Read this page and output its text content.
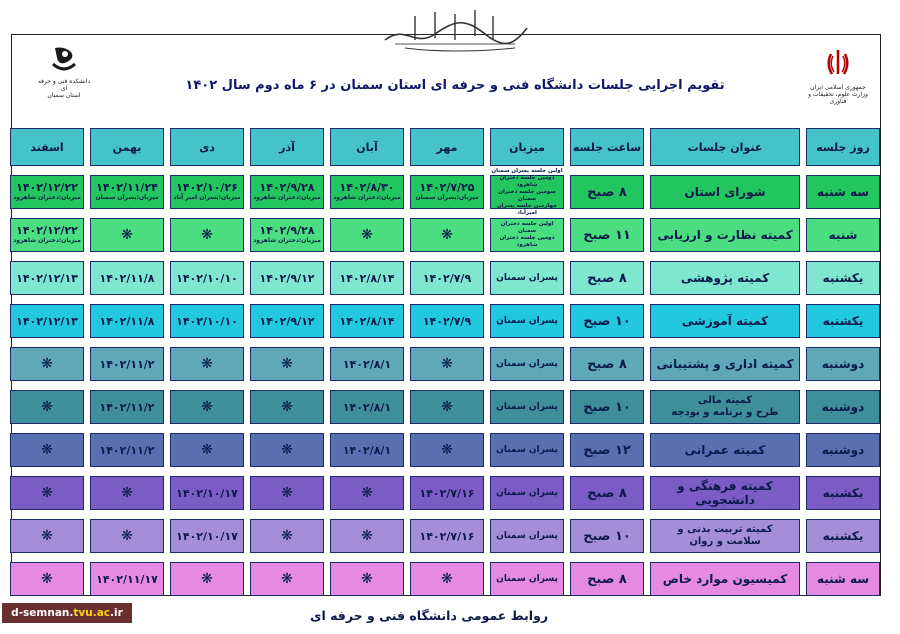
دانشکده فنی و حرفه ای
استان سمنان
جمهوری اسلامی ایران
وزارت علوم، تحقیقات و فناوری
تقویم اجرایی جلسات دانشگاه فنی و حرفه ای استان سمنان در ۶ ماه دوم سال ۱۴۰۲
روز جلسه
عنوان جلسات
ساعت جلسه
میزبان
مهر
آبان
آذر
دی
بهمن
اسفند
سه شنبه
شورای استان
۸ صبح
اولین جلسه پسران سمنان
دومین جلسه دختران شاهرود
سومین جلسه دختران سمنان
چهارمین جلسه پسران امیرآباد
۱۴۰۲/۷/۲۵
میزبان:پسران سمنان
۱۴۰۲/۸/۳۰
میزبان:دختران شاهرود
۱۴۰۲/۹/۲۸
میزبان:دختران شاهرود
۱۴۰۲/۱۰/۲۶
میزبان:پسران امیر آباد
۱۴۰۲/۱۱/۲۴
میزبان:پسران سمنان
۱۴۰۲/۱۲/۲۲
میزبان:دختران شاهرود
شنبه
کمیته نظارت و ارزیابی
۱۱ صبح
اولین جلسه دختران سمنان
دومین جلسه دختران شاهرود
❋
❋
۱۴۰۲/۹/۲۸
میزبان:دختران شاهرود
❋
❋
۱۴۰۲/۱۲/۲۲
میزبان:دختران شاهرود
یکشنبه
کمیته پژوهشی
۸ صبح
پسران سمنان
۱۴۰۲/۷/۹
۱۴۰۲/۸/۱۴
۱۴۰۲/۹/۱۲
۱۴۰۲/۱۰/۱۰
۱۴۰۲/۱۱/۸
۱۴۰۲/۱۲/۱۳
یکشنبه
کمیته آموزشی
۱۰ صبح
پسران سمنان
۱۴۰۲/۷/۹
۱۴۰۲/۸/۱۴
۱۴۰۲/۹/۱۲
۱۴۰۲/۱۰/۱۰
۱۴۰۲/۱۱/۸
۱۴۰۲/۱۲/۱۳
دوشنبه
کمیته اداری و پشتیبانی
۸ صبح
پسران سمنان
❋
۱۴۰۲/۸/۱
❋
❋
۱۴۰۲/۱۱/۲
❋
دوشنبه
کمیته مالی
طرح و برنامه و بودجه
۱۰ صبح
پسران سمنان
❋
۱۴۰۲/۸/۱
❋
❋
۱۴۰۲/۱۱/۲
❋
دوشنبه
کمیته عمرانی
۱۲ صبح
پسران سمنان
❋
۱۴۰۲/۸/۱
❋
❋
۱۴۰۲/۱۱/۲
❋
یکشنبه
کمیته فرهنگی و دانشجویی
۸ صبح
پسران سمنان
۱۴۰۲/۷/۱۶
❋
❋
۱۴۰۲/۱۰/۱۷
❋
❋
یکشنبه
کمیته تربیت بدنی و
سلامت و روان
۱۰ صبح
پسران سمنان
۱۴۰۲/۷/۱۶
❋
❋
۱۴۰۲/۱۰/۱۷
❋
❋
سه شنبه
کمیسیون موارد خاص
۸ صبح
پسران سمنان
❋
❋
❋
❋
۱۴۰۲/۱۱/۱۷
❋
d-semnan. tvu.ac .ir	روابط عمومی دانشگاه فنی و حرفه ای
